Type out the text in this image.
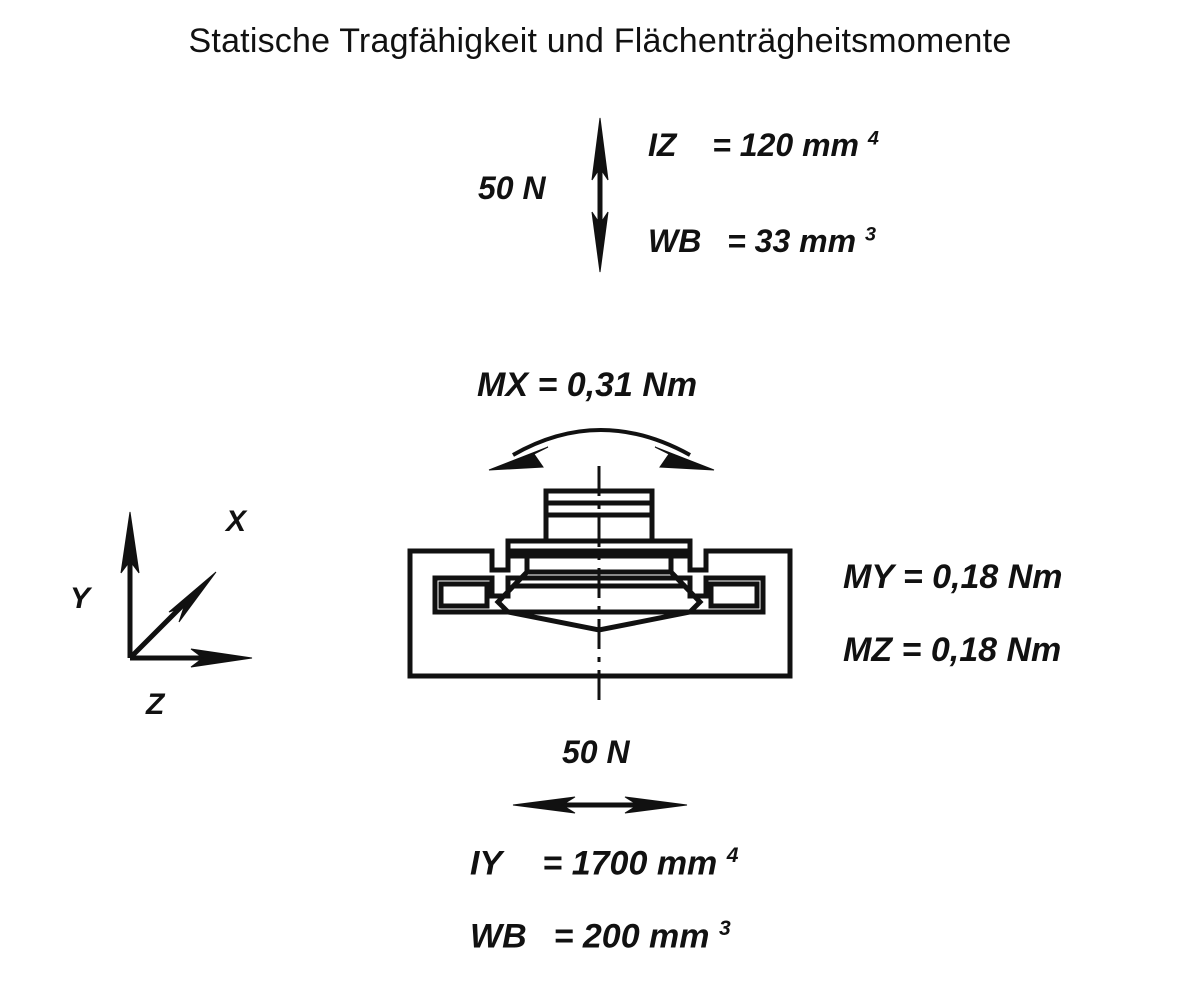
Statische Tragfähigkeit und Flächenträgheitsmomente
X
Y
Z
50 N
IZ = 120 mm $^4$
WB = 33 mm $^3$
MX = 0,31 Nm
MY = 0,18 Nm
MZ = 0,18 Nm
50 N
IY = 1700 mm $^4$
WB = 200 mm $^3$
